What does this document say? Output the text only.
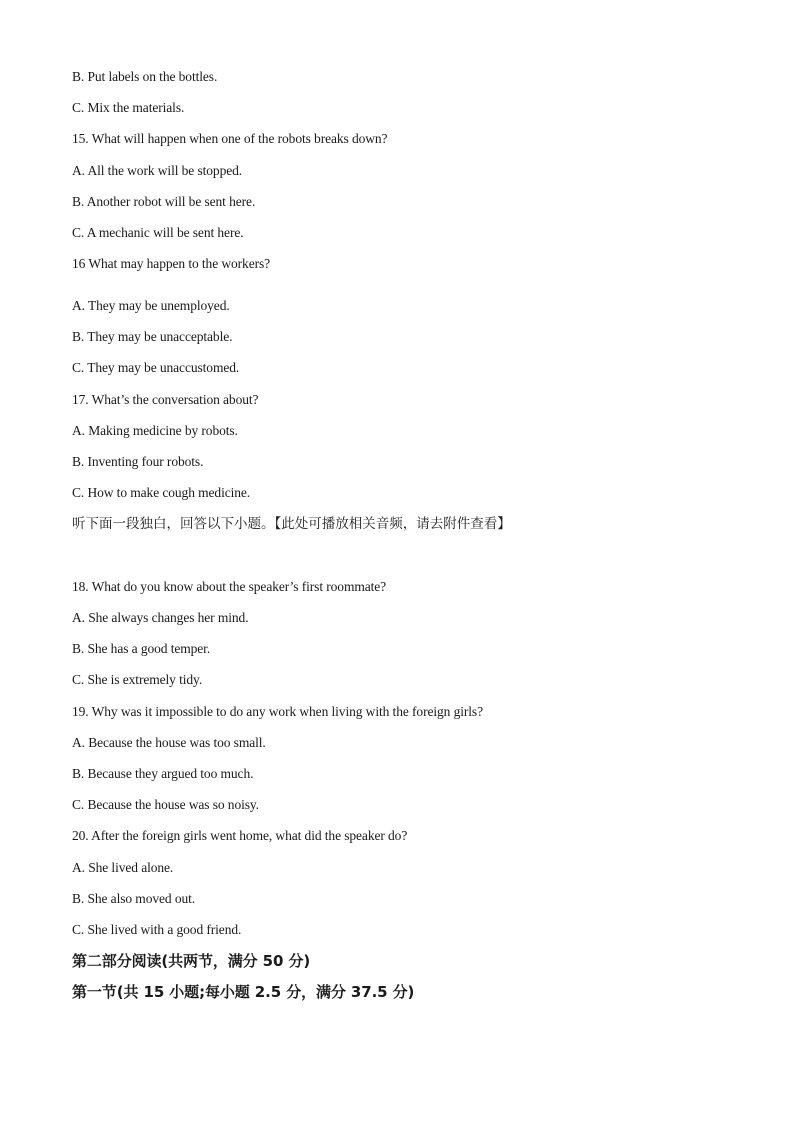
B. Put labels on the bottles.
C. Mix the materials.
15. What will happen when one of the robots breaks down?
A. All the work will be stopped.
B. Another robot will be sent here.
C. A mechanic will be sent here.
16 What may happen to the workers?
A. They may be unemployed.
B. They may be unacceptable.
C. They may be unaccustomed.
17. What’s the conversation about?
A. Making medicine by robots.
B. Inventing four robots.
C. How to make cough medicine.
听下面一段独白，回答以下小题。【此处可播放相关音频，请去附件查看】
18. What do you know about the speaker’s first roommate?
A. She always changes her mind.
B. She has a good temper.
C. She is extremely tidy.
19. Why was it impossible to do any work when living with the foreign girls?
A. Because the house was too small.
B. Because they argued too much.
C. Because the house was so noisy.
20. After the foreign girls went home, what did the speaker do?
A. She lived alone.
B. She also moved out.
C. She lived with a good friend.
第二部分阅读(共两节，满分 50 分)
第一节(共 15 小题;每小题 2.5 分，满分 37.5 分)
